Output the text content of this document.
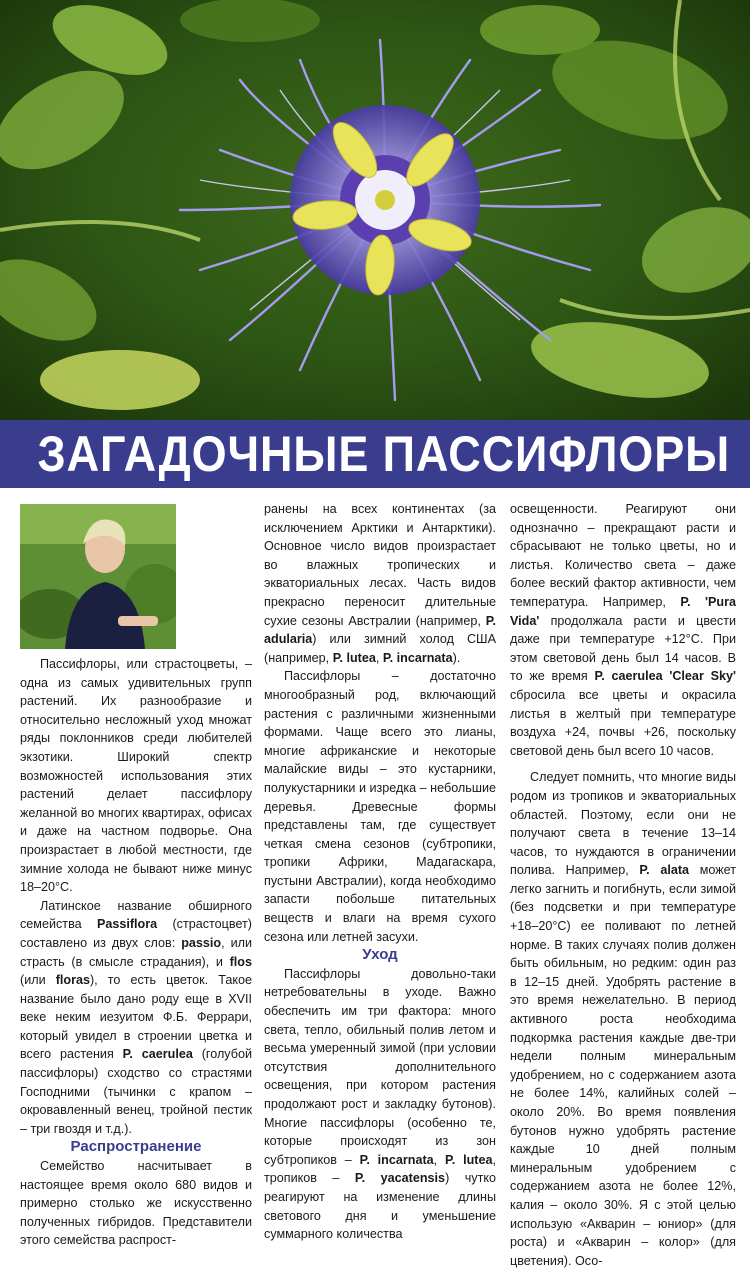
ЗАГАДОЧНЫЕ ПАССИФЛОРЫ

Пассифлоры, или страстоцветы, – одна из самых удивительных групп растений. Их разнообразие и относительно несложный уход множат ряды поклонников среди любителей экзотики. Широкий спектр возможностей использования этих растений делает пассифлору желанной во многих квартирах, офисах и даже на частном подворье. Она произрастает в любой местности, где зимние холода не бывают ниже минус 18–20°C.

Латинское название обширного семейства Passiflora (страстоцвет) составлено из двух слов: passio, или страсть (в смысле страдания), и flos (или floras), то есть цветок. Такое название было дано роду еще в XVII веке неким иезуитом Ф.Б. Феррари, который увидел в строении цветка и всего растения P. caerulea (голубой пассифлоры) сходство со страстями Господними (тычинки с крапом – окровавленный венец, тройной пестик – три гвоздя и т.д.).

Распространение

Семейство насчитывает в настоящее время около 680 видов и примерно столько же искусственно полученных гибридов. Представители этого семейства распрост-

ранены на всех континентах (за исключением Арктики и Антарктики). Основное число видов произрастает во влажных тропических и экваториальных лесах. Часть видов прекрасно переносит длительные сухие сезоны Австралии (например, P. adularia) или зимний холод США (например, P. lutea, P. incarnata).

Пассифлоры – достаточно многообразный род, включающий растения с различными жизненными формами. Чаще всего это лианы, многие африканские и некоторые малайские виды – это кустарники, полукустарники и изредка – небольшие деревья. Древесные формы представлены там, где существует четкая смена сезонов (субтропики, тропики Африки, Мадагаскара, пустыни Австралии), когда необходимо запасти побольше питательных веществ и влаги на время сухого сезона или летней засухи.

Уход

Пассифлоры довольно-таки нетребовательны в уходе. Важно обеспечить им три фактора: много света, тепло, обильный полив летом и весьма умеренный зимой (при условии отсутствия дополнительного освещения, при котором растения продолжают рост и закладку бутонов). Многие пассифлоры (особенно те, которые происходят из зон субтропиков – P. incarnata, P. lutea, тропиков – P. yacatensis) чутко реагируют на изменение длины светового дня и уменьшение суммарного количества

освещенности. Реагируют они однозначно – прекращают расти и сбрасывают не только цветы, но и листья. Количество света – даже более веский фактор активности, чем температура. Например, P. 'Pura Vida' продолжала расти и цвести даже при температуре +12°C. При этом световой день был 14 часов. В то же время P. caerulea 'Clear Sky' сбросила все цветы и окрасила листья в желтый при температуре воздуха +24, почвы +26, поскольку световой день был всего 10 часов.

Следует помнить, что многие виды родом из тропиков и экваториальных областей. Поэтому, если они не получают света в течение 13–14 часов, то нуждаются в ограничении полива. Например, P. alata может легко загнить и погибнуть, если зимой (без подсветки и при температуре +18–20°C) ее поливают по летней норме. В таких случаях полив должен быть обильным, но редким: один раз в 12–15 дней. Удобрять растение в это время нежелательно. В период активного роста необходима подкормка растения каждые две-три недели полным минеральным удобрением, но с содержанием азота не более 14%, калийных солей – около 20%. Во время появления бутонов нужно удобрять растение каждые 10 дней полным минеральным удобрением с содержанием азота не более 12%, калия – около 30%. Я с этой целью использую «Акварин – юниор» (для роста) и «Акварин – колор» (для цветения). Осо-
